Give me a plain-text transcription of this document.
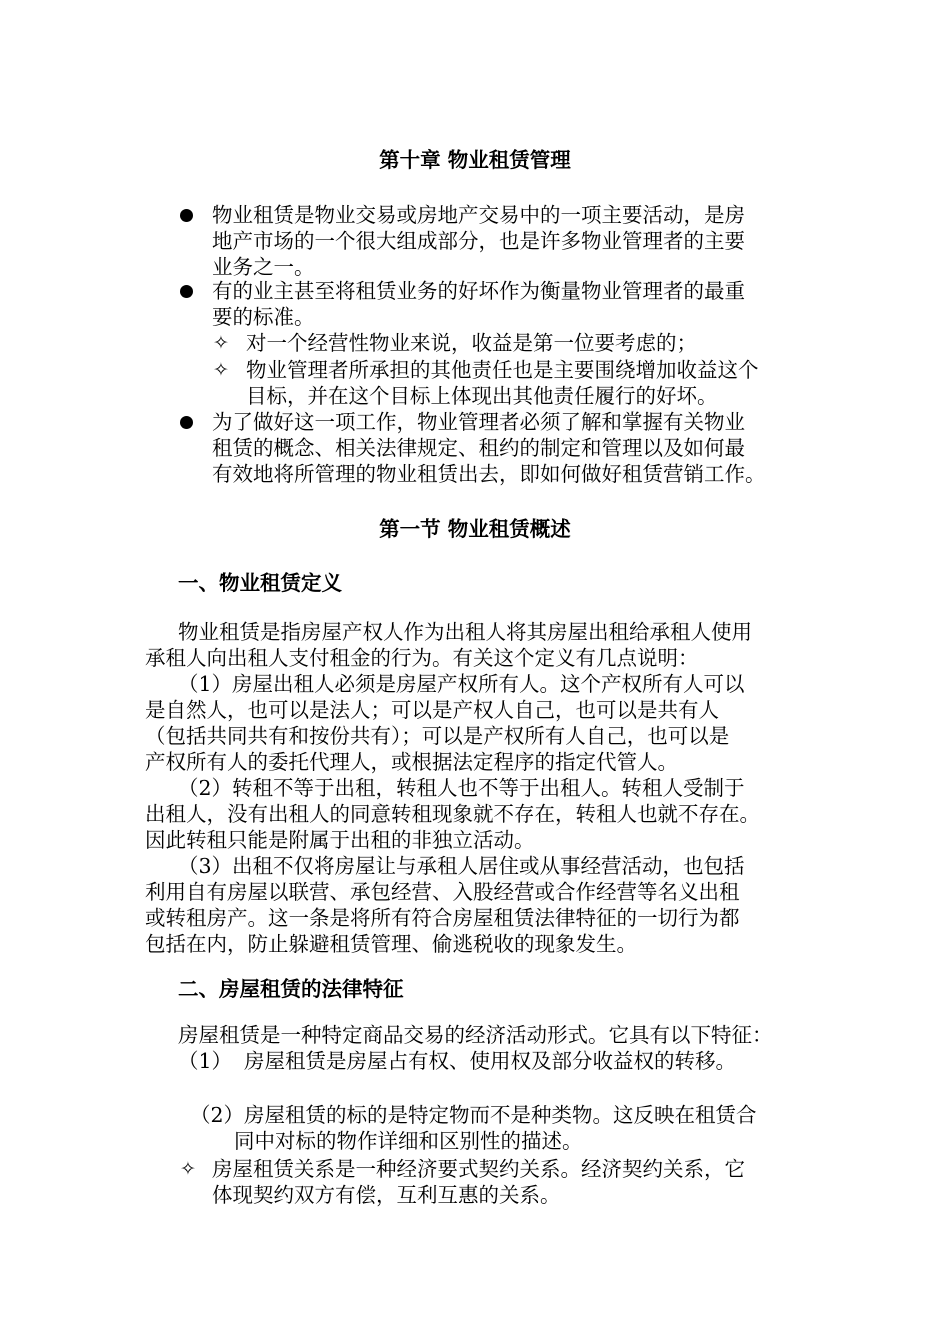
第十章 物业租赁管理
物业租赁是物业交易或房地产交易中的一项主要活动，是房
地产市场的一个很大组成部分，也是许多物业管理者的主要
业务之一。
有的业主甚至将租赁业务的好坏作为衡量物业管理者的最重
要的标准。
✧ 对一个经营性物业来说，收益是第一位要考虑的；
✧ 物业管理者所承担的其他责任也是主要围绕增加收益这个
目标，并在这个目标上体现出其他责任履行的好坏。
为了做好这一项工作，物业管理者必须了解和掌握有关物业
租赁的概念、相关法律规定、租约的制定和管理以及如何最
有效地将所管理的物业租赁出去，即如何做好租赁营销工作。
第一节 物业租赁概述
一、物业租赁定义
物业租赁是指房屋产权人作为出租人将其房屋出租给承租人使用
承租人向出租人支付租金的行为。有关这个定义有几点说明：
（1）房屋出租人必须是房屋产权所有人。这个产权所有人可以
是自然人，也可以是法人；可以是产权人自己，也可以是共有人
（包括共同共有和按份共有）；可以是产权所有人自己，也可以是
产权所有人的委托代理人，或根据法定程序的指定代管人。
（2）转租不等于出租，转租人也不等于出租人。转租人受制于
出租人，没有出租人的同意转租现象就不存在，转租人也就不存在。
因此转租只能是附属于出租的非独立活动。
（3）出租不仅将房屋让与承租人居住或从事经营活动，也包括
利用自有房屋以联营、承包经营、入股经营或合作经营等名义出租
或转租房产。这一条是将所有符合房屋租赁法律特征的一切行为都
包括在内，防止躲避租赁管理、偷逃税收的现象发生。
二、房屋租赁的法律特征
房屋租赁是一种特定商品交易的经济活动形式。它具有以下特征：
（1） 房屋租赁是房屋占有权、使用权及部分收益权的转移。
（2） 房屋租赁的标的是特定物而不是种类物。这反映在租赁合
同中对标的物作详细和区别性的描述。
✧ 房屋租赁关系是一种经济要式契约关系。经济契约关系，它
体现契约双方有偿，互利互惠的关系。
